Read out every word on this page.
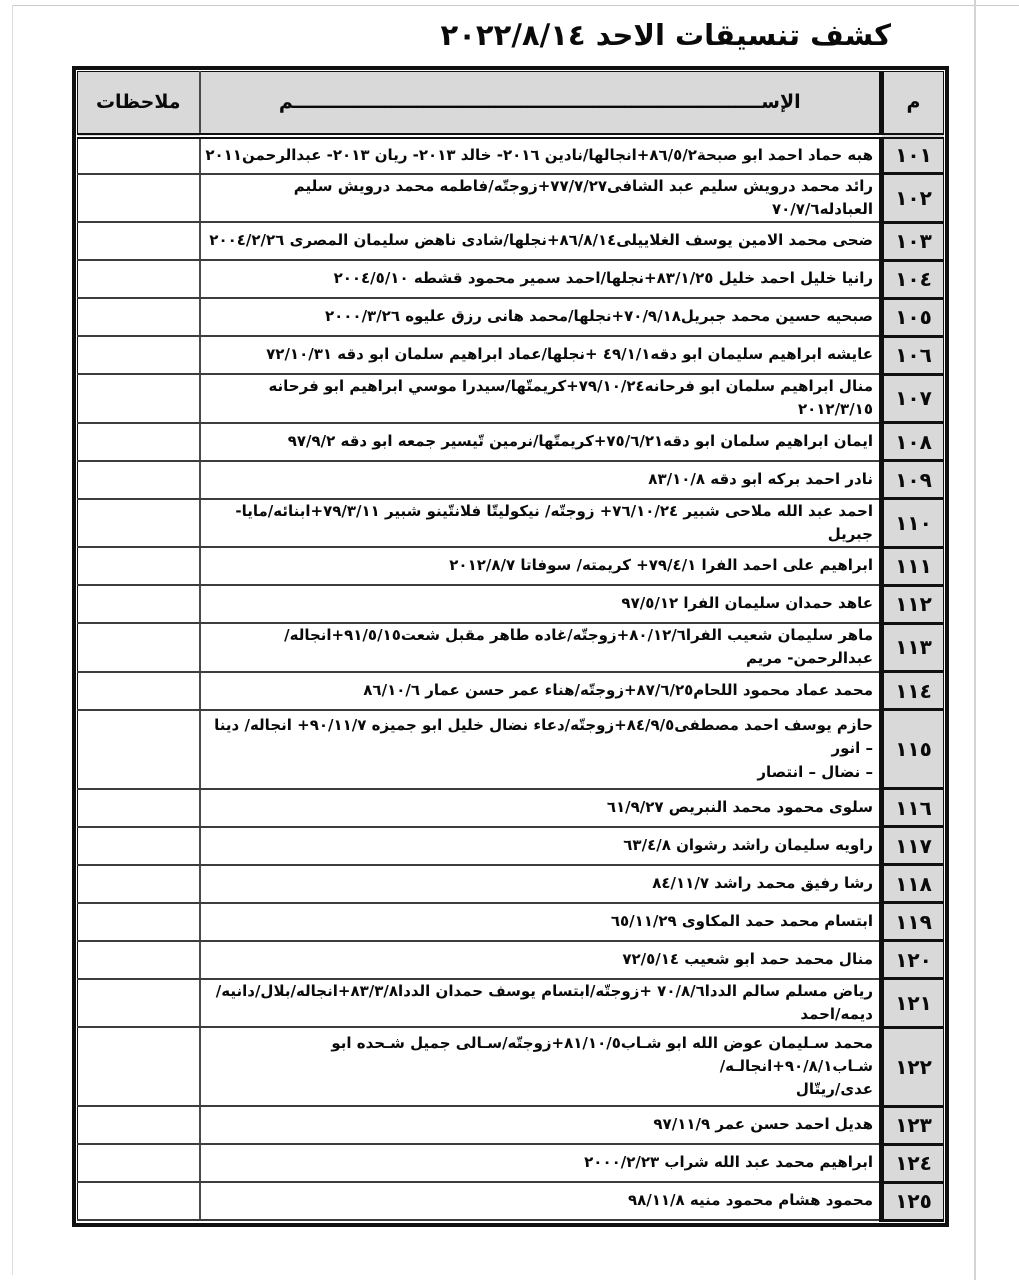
كشف تنسيقات الاحد ٢٠٢٢/٨/١٤
م	الإســــــــــــــــــــــــــــــــــــــــــــــــــــــــــــــــــــــــم	ملاحظات
١٠١	هبه حماد احمد ابو صبحة٨٦/٥/٢+انجالها/نادين ٢٠١٦- خالد ٢٠١٣- ريان ٢٠١٣- عبدالرحمن٢٠١١	
١٠٢	رائد محمد درويش سليم عبد الشافى٧٧/٧/٢٧+زوجتّه/فاطمه محمد درويش سليم العبادله٧٠/٧/٦	
١٠٣	ضحى محمد الامين يوسف الغلاييلى٨٦/٨/١٤+نجلها/شادى ناهض سليمان المصرى ٢٠٠٤/٢/٢٦	
١٠٤	رانيا خليل احمد خليل ٨٣/١/٢٥+نجلها/احمد سمير محمود قشطه ٢٠٠٤/٥/١٠	
١٠٥	صبحيه حسين محمد جبريل٧٠/٩/١٨+نجلها/محمد هانى رزق عليوه ٢٠٠٠/٣/٢٦	
١٠٦	عايشه ابراهيم سليمان ابو دقه٤٩/١/١ +نجلها/عماد ابراهيم سلمان ابو دقه ٧٢/١٠/٣١	
١٠٧	منال ابراهيم سلمان ابو فرحانه٧٩/١٠/٢٤+كريمتّها/سيدرا موسي ابراهيم ابو فرحانه ٢٠١٢/٣/١٥	
١٠٨	ايمان ابراهيم سلمان ابو دقه٧٥/٦/٢١+كريمتّها/نرمين تّيسير جمعه ابو دقه ٩٧/٩/٢	
١٠٩	نادر احمد بركه ابو دقه ٨٣/١٠/٨	
١١٠	احمد عبد الله ملاحى شبير ٧٦/١٠/٢٤+ زوجتّه/ نيكوليتّا فلانتّينو شبير ٧٩/٣/١١+ابنائه/مايا- جبريل	
١١١	ابراهيم على احمد الفرا ٧٩/٤/١+ كريمته/ سوفاتا ٢٠١٢/٨/٧	
١١٢	عاهد حمدان سليمان الفرا ٩٧/٥/١٢	
١١٣	ماهر سليمان شعيب الفرا٨٠/١٢/٦+زوجتّه/غاده طاهر مقبل شعت٩١/٥/١٥+انجاله/عبدالرحمن- مريم	
١١٤	محمد عماد محمود اللحام٨٧/٦/٢٥+زوجتّه/هناء عمر حسن عمار ٨٦/١٠/٦	
١١٥	حازم يوسف احمد مصطفى٨٤/٩/٥+زوجتّه/دعاء نضال خليل ابو جميزه ٩٠/١١/٧+ انجاله/ دينا – انور
– نضال – انتصار	

١١٦	سلوى محمود محمد النبريص ٦١/٩/٢٧	
١١٧	راويه سليمان راشد رشوان ٦٣/٤/٨	
١١٨	رشا رفيق محمد راشد ٨٤/١١/٧	
١١٩	ابتسام محمد حمد المكاوى ٦٥/١١/٢٩	
١٢٠	منال محمد حمد ابو شعيب ٧٢/٥/١٤	
١٢١	رياض مسلم سالم الددا٧٠/٨/٦ +زوجتّه/ابتسام يوسف حمدان الددا٨٣/٣/٨+انجاله/بلال/دانيه/ديمه/احمد	
١٢٢	محمد سـليمان عوض الله ابو شـاب٨١/١٠/٥+زوجتّه/سـالى جميل شـحده ابو شـاب٩٠/٨/١+انجالـه/
عدى/ريتّال	

١٢٣	هديل احمد حسن عمر ٩٧/١١/٩	
١٢٤	ابراهيم محمد عبد الله شراب ٢٠٠٠/٢/٢٣	
١٢٥	محمود هشام محمود منيه ٩٨/١١/٨	
